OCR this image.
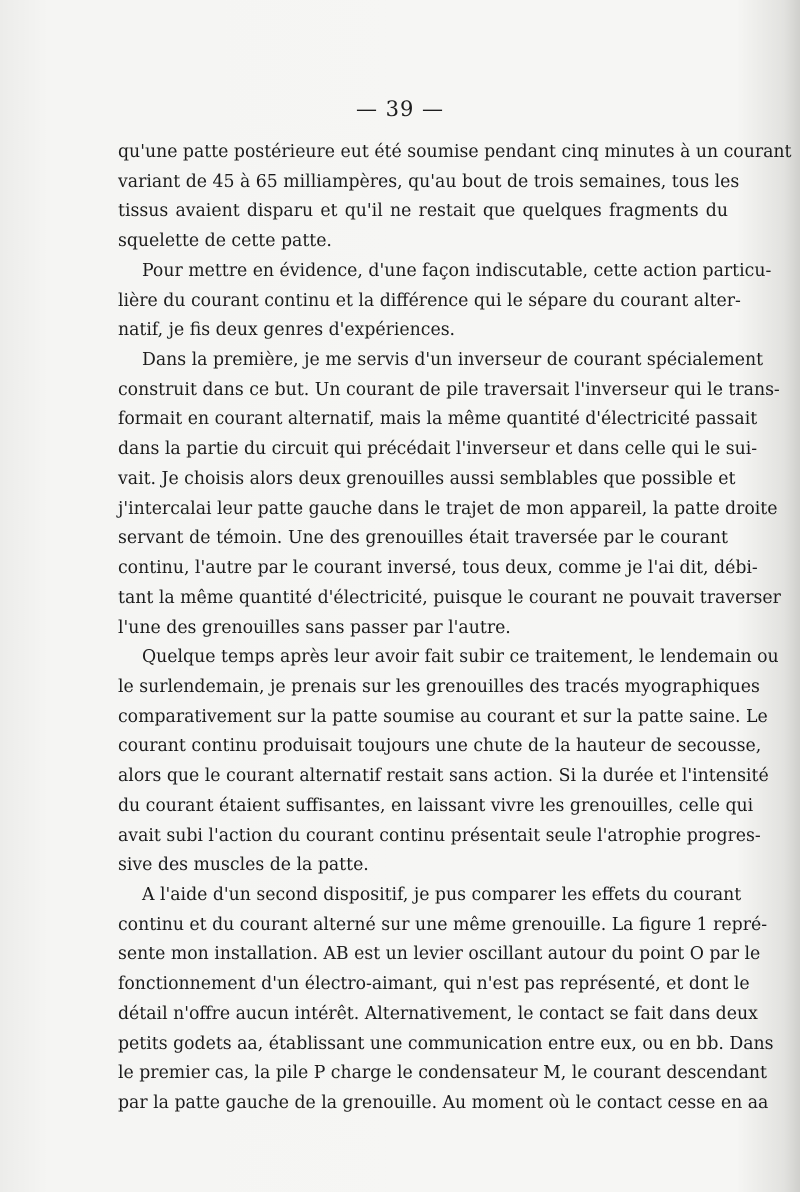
— 39 —
qu'une patte postérieure eut été soumise pendant cinq minutes à un courant
variant de 45 à 65 milliampères, qu'au bout de trois semaines, tous les
tissus avaient disparu et qu'il ne restait que quelques fragments du
squelette de cette patte.
Pour mettre en évidence, d'une façon indiscutable, cette action particu-
lière du courant continu et la différence qui le sépare du courant alter-
natif, je fis deux genres d'expériences.
Dans la première, je me servis d'un inverseur de courant spécialement
construit dans ce but. Un courant de pile traversait l'inverseur qui le trans-
formait en courant alternatif, mais la même quantité d'électricité passait
dans la partie du circuit qui précédait l'inverseur et dans celle qui le sui-
vait. Je choisis alors deux grenouilles aussi semblables que possible et
j'intercalai leur patte gauche dans le trajet de mon appareil, la patte droite
servant de témoin. Une des grenouilles était traversée par le courant
continu, l'autre par le courant inversé, tous deux, comme je l'ai dit, débi-
tant la même quantité d'électricité, puisque le courant ne pouvait traverser
l'une des grenouilles sans passer par l'autre.
Quelque temps après leur avoir fait subir ce traitement, le lendemain ou
le surlendemain, je prenais sur les grenouilles des tracés myographiques
comparativement sur la patte soumise au courant et sur la patte saine. Le
courant continu produisait toujours une chute de la hauteur de secousse,
alors que le courant alternatif restait sans action. Si la durée et l'intensité
du courant étaient suffisantes, en laissant vivre les grenouilles, celle qui
avait subi l'action du courant continu présentait seule l'atrophie progres-
sive des muscles de la patte.
A l'aide d'un second dispositif, je pus comparer les effets du courant
continu et du courant alterné sur une même grenouille. La figure 1 repré-
sente mon installation. AB est un levier oscillant autour du point O par le
fonctionnement d'un électro-aimant, qui n'est pas représenté, et dont le
détail n'offre aucun intérêt. Alternativement, le contact se fait dans deux
petits godets aa, établissant une communication entre eux, ou en bb. Dans
le premier cas, la pile P charge le condensateur M, le courant descendant
par la patte gauche de la grenouille. Au moment où le contact cesse en aa
